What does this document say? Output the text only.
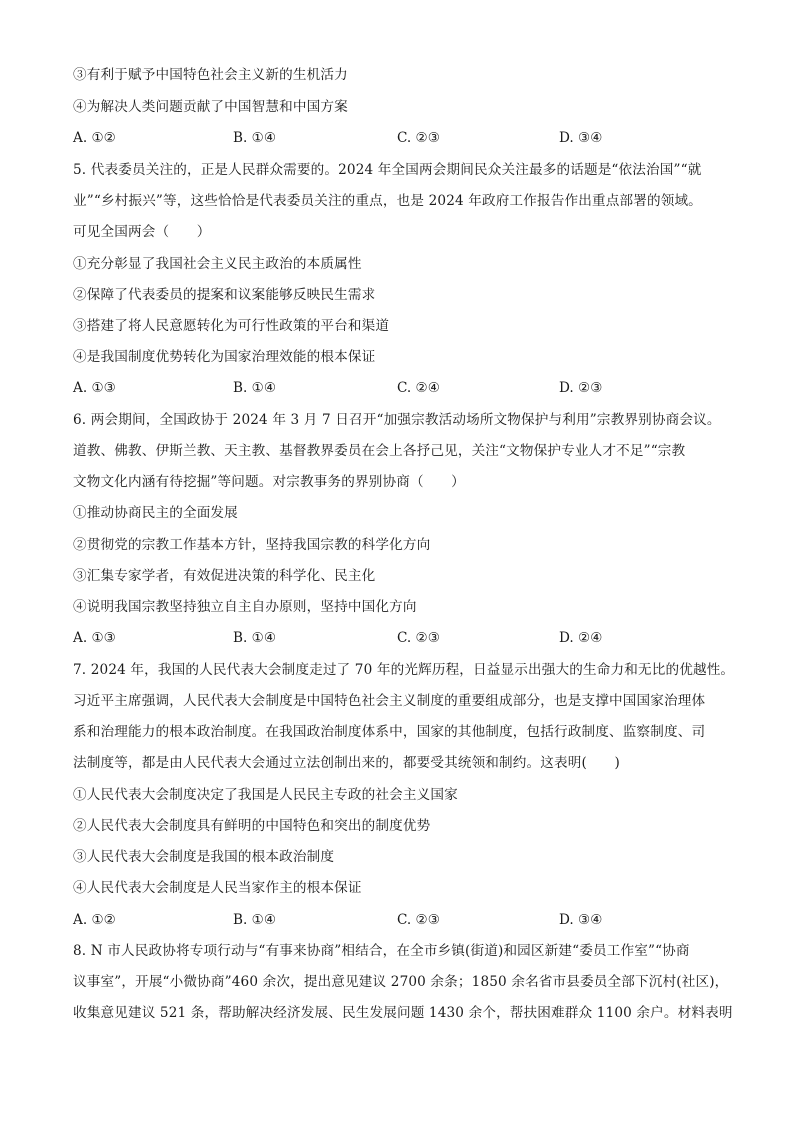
③有利于赋予中国特色社会主义新的生机活力
④为解决人类问题贡献了中国智慧和中国方案
A. ①②	B. ①④	C. ②③	D. ③④
5. 代表委员关注的，正是人民群众需要的。2024 年全国两会期间民众关注最多的话题是“依法治国”“就
业”“乡村振兴”等，这些恰恰是代表委员关注的重点，也是 2024 年政府工作报告作出重点部署的领域。
可见全国两会（　　）
①充分彰显了我国社会主义民主政治的本质属性
②保障了代表委员的提案和议案能够反映民生需求
③搭建了将人民意愿转化为可行性政策的平台和渠道
④是我国制度优势转化为国家治理效能的根本保证
A. ①③	B. ①④	C. ②④	D. ②③
6. 两会期间，全国政协于 2024 年 3 月 7 日召开“加强宗教活动场所文物保护与利用”宗教界别协商会议。
道教、佛教、伊斯兰教、天主教、基督教界委员在会上各抒己见，关注“文物保护专业人才不足”“宗教
文物文化内涵有待挖掘”等问题。对宗教事务的界别协商（　　）
①推动协商民主的全面发展
②贯彻党的宗教工作基本方针，坚持我国宗教的科学化方向
③汇集专家学者，有效促进决策的科学化、民主化
④说明我国宗教坚持独立自主自办原则，坚持中国化方向
A. ①③	B. ①④	C. ②③	D. ②④
7. 2024 年，我国的人民代表大会制度走过了 70 年的光辉历程，日益显示出强大的生命力和无比的优越性。
习近平主席强调，人民代表大会制度是中国特色社会主义制度的重要组成部分，也是支撑中国国家治理体
系和治理能力的根本政治制度。在我国政治制度体系中，国家的其他制度，包括行政制度、监察制度、司
法制度等，都是由人民代表大会通过立法创制出来的，都要受其统领和制约。这表明(　　)
①人民代表大会制度决定了我国是人民民主专政的社会主义国家
②人民代表大会制度具有鲜明的中国特色和突出的制度优势
③人民代表大会制度是我国的根本政治制度
④人民代表大会制度是人民当家作主的根本保证
A. ①②	B. ①④	C. ②③	D. ③④
8. N 市人民政协将专项行动与“有事来协商”相结合，在全市乡镇(街道)和园区新建“委员工作室”“协商
议事室”，开展“小微协商”460 余次，提出意见建议 2700 余条；1850 余名省市县委员全部下沉村(社区)，
收集意见建议 521 条，帮助解决经济发展、民生发展问题 1430 余个，帮扶困难群众 1100 余户。材料表明
